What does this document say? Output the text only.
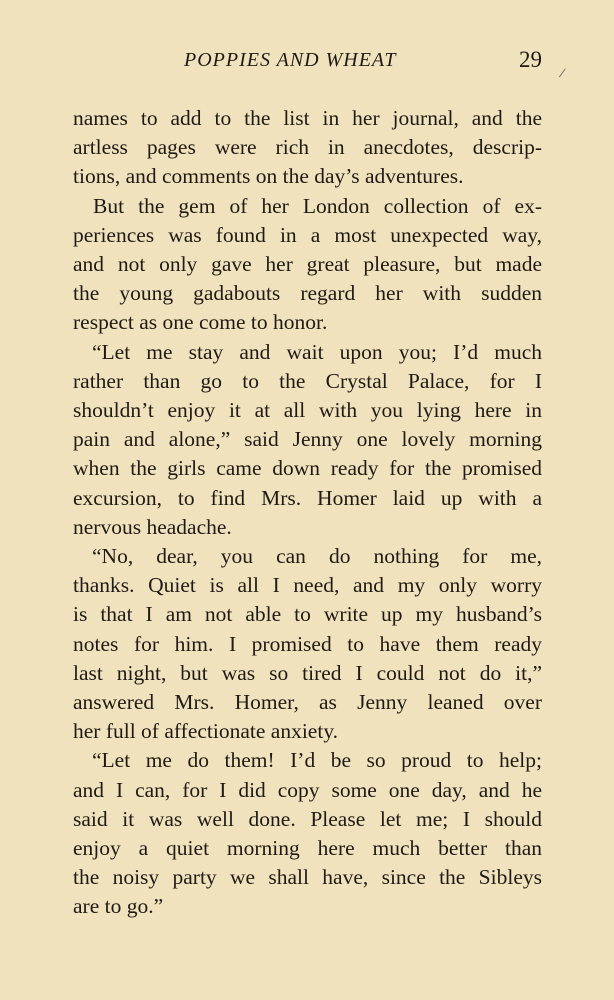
POPPIES AND WHEAT	29
/
names to add to the list in her journal, and the
artless pages were rich in anecdotes, descrip-
tions, and comments on the day’s adventures.
But the gem of her London collection of ex-
periences was found in a most unexpected way,
and not only gave her great pleasure, but made
the young gadabouts regard her with sudden
respect as one come to honor.
“Let me stay and wait upon you; I’d much
rather than go to the Crystal Palace, for I
shouldn’t enjoy it at all with you lying here in
pain and alone,” said Jenny one lovely morning
when the girls came down ready for the promised
excursion, to find Mrs. Homer laid up with a
nervous headache.
“No, dear, you can do nothing for me,
thanks. Quiet is all I need, and my only worry
is that I am not able to write up my husband’s
notes for him. I promised to have them ready
last night, but was so tired I could not do it,”
answered Mrs. Homer, as Jenny leaned over
her full of affectionate anxiety.
“Let me do them! I’d be so proud to help;
and I can, for I did copy some one day, and he
said it was well done. Please let me; I should
enjoy a quiet morning here much better than
the noisy party we shall have, since the Sibleys
are to go.”
